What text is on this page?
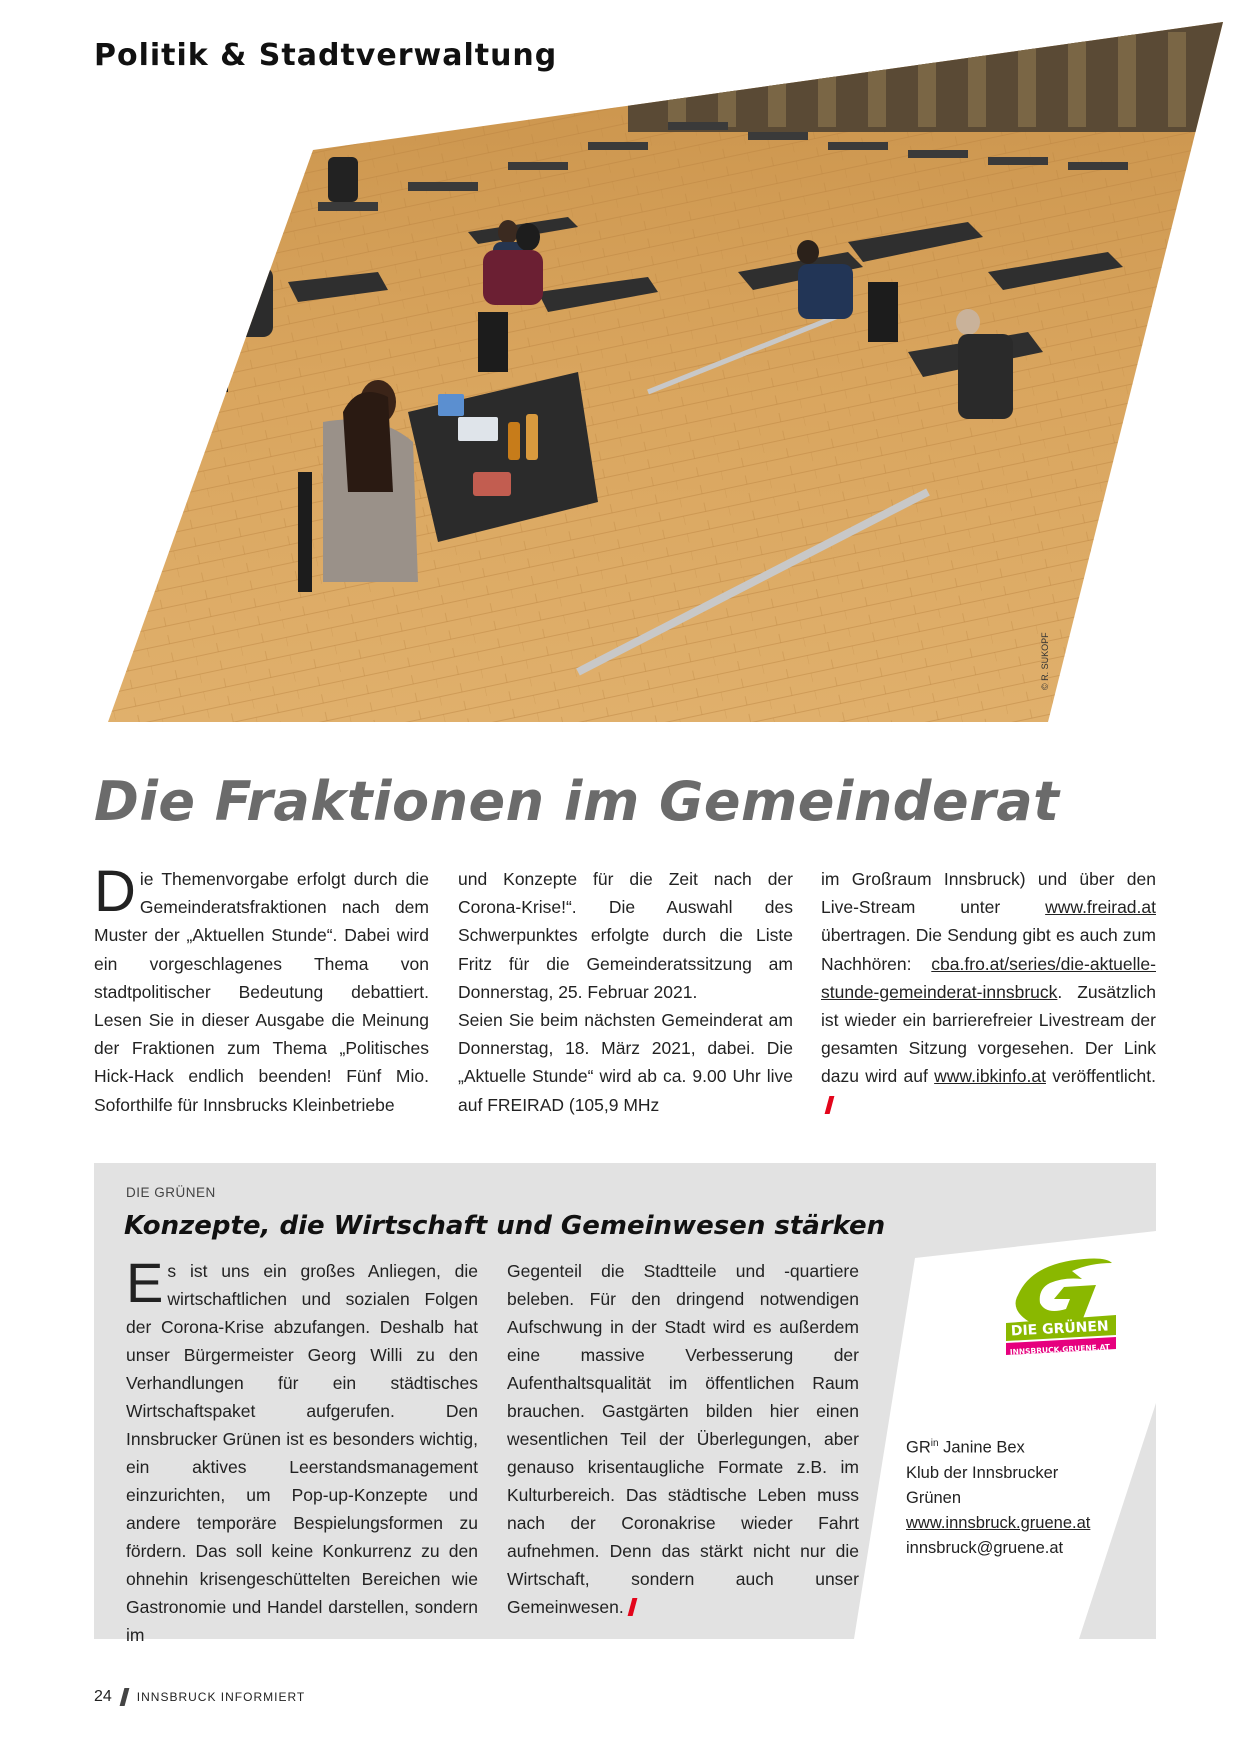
Politik & Stadtverwaltung
© R. SUKOPF
Die Fraktionen im Gemeinderat

Die Themenvorgabe erfolgt durch die Gemeinderatsfraktionen nach dem Muster der „Aktuellen Stunde“. Dabei wird ein vorgeschlagenes Thema von stadtpolitischer Bedeutung debattiert. Lesen Sie in dieser Ausgabe die Meinung der Fraktionen zum Thema „Politisches Hick-Hack endlich beenden! Fünf Mio. Soforthilfe für Innsbrucks Kleinbetriebe

und Konzepte für die Zeit nach der Corona-Krise!“. Die Auswahl des Schwerpunktes erfolgte durch die Liste Fritz für die Gemeinderatssitzung am Donnerstag, 25. Februar 2021.

Seien Sie beim nächsten Gemeinderat am Donnerstag, 18. März 2021, dabei. Die „Aktuelle Stunde“ wird ab ca. 9.00 Uhr live auf FREIRAD (105,9 MHz

im Großraum Innsbruck) und über den Live-Stream unter www.freirad.at übertragen. Die Sendung gibt es auch zum Nachhören: cba.fro.at/series/die-aktuelle-stunde-gemeinderat-innsbruck. Zusätzlich ist wieder ein barrierefreier Livestream der gesamten Sitzung vorgesehen. Der Link dazu wird auf www.ibkinfo.at veröffentlicht.

DIE GRÜNEN
Konzepte, die Wirtschaft und Gemeinwesen stärken

Es ist uns ein großes Anliegen, die wirtschaftlichen und sozialen Folgen der Corona-Krise abzufangen. Deshalb hat unser Bürgermeister Georg Willi zu den Verhandlungen für ein städtisches Wirtschaftspaket aufgerufen. Den Innsbrucker Grünen ist es besonders wichtig, ein aktives Leerstandsmanagement einzurichten, um Pop-up-Konzepte und andere temporäre Bespielungsformen zu fördern. Das soll keine Konkurrenz zu den ohnehin krisengeschüttelten Bereichen wie Gastronomie und Handel darstellen, sondern im

Gegenteil die Stadtteile und -quartiere beleben. Für den dringend notwendigen Aufschwung in der Stadt wird es außerdem eine massive Verbesserung der Aufenthaltsqualität im öffentlichen Raum brauchen. Gastgärten bilden hier einen wesentlichen Teil der Überlegungen, aber genauso krisentaugliche Formate z.B. im Kulturbereich. Das städtische Leben muss nach der Coronakrise wieder Fahrt aufnehmen. Denn das stärkt nicht nur die Wirtschaft, sondern auch unser Gemeinwesen.

DIE GRÜNEN
INNSBRUCK.GRUENE.AT
$GR^{in}$ Janine Bex
Klub der Innsbrucker
Grünen
www.innsbruck.gruene.at
innsbruck@gruene.at
24 INNSBRUCK INFORMIERT
